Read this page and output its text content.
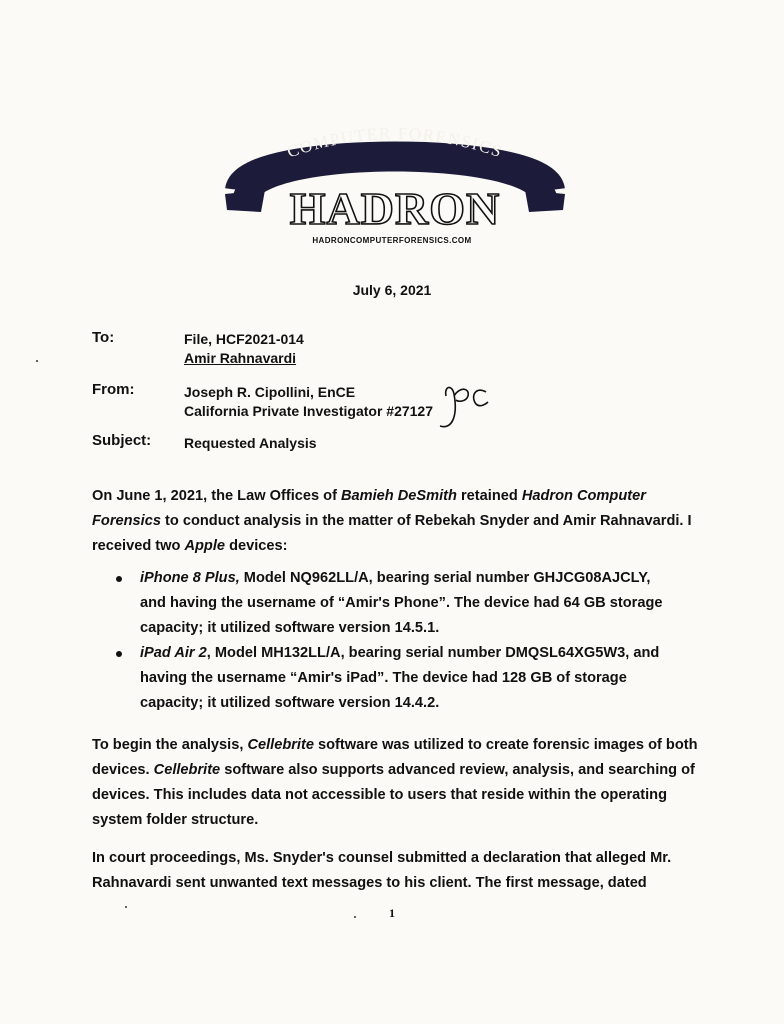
COMPUTER FORENSICS
HADRON
HADRONCOMPUTERFORENSICS.COM
July 6, 2021
To:	File, HCF2021-014
Amir Rahnavardi
From:	Joseph R. Cipollini, EnCE
California Private Investigator #27127
Subject: Requested Analysis
On June 1, 2021, the Law Offices of Bamieh DeSmith retained Hadron Computer Forensics to conduct analysis in the matter of Rebekah Snyder and Amir Rahnavardi. I received two Apple devices:
iPhone 8 Plus, Model NQ962LL/A, bearing serial number GHJCG08AJCLY, and having the username of “Amir's Phone”. The device had 64 GB storage capacity; it utilized software version 14.5.1.
iPad Air 2, Model MH132LL/A, bearing serial number DMQSL64XG5W3, and having the username “Amir's iPad”. The device had 128 GB of storage capacity; it utilized software version 14.4.2.
To begin the analysis, Cellebrite software was utilized to create forensic images of both devices. Cellebrite software also supports advanced review, analysis, and searching of devices. This includes data not accessible to users that reside within the operating system folder structure.
In court proceedings, Ms. Snyder's counsel submitted a declaration that alleged Mr. Rahnavardi sent unwanted text messages to his client. The first message, dated
1
